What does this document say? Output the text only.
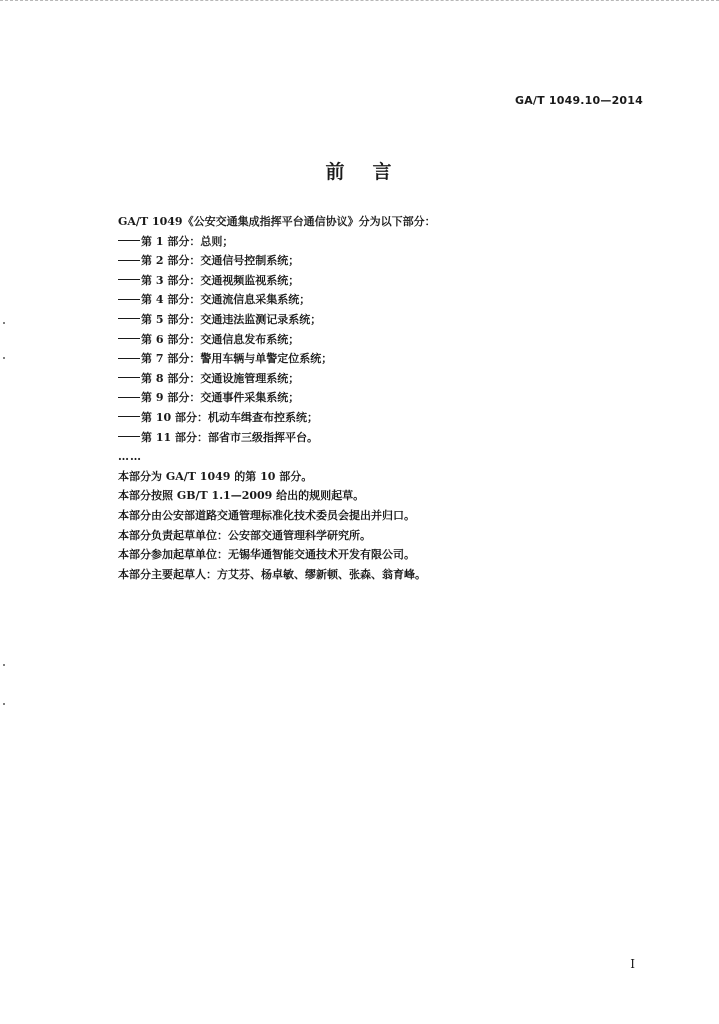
GA/T 1049.10—2014
前 言
GA/T 1049《公安交通集成指挥平台通信协议》分为以下部分：
第 1 部分：总则；
第 2 部分：交通信号控制系统；
第 3 部分：交通视频监视系统；
第 4 部分：交通流信息采集系统；
第 5 部分：交通违法监测记录系统；
第 6 部分：交通信息发布系统；
第 7 部分：警用车辆与单警定位系统；
第 8 部分：交通设施管理系统；
第 9 部分：交通事件采集系统；
第 10 部分：机动车缉查布控系统；
第 11 部分：部省市三级指挥平台。
……
本部分为 GA/T 1049 的第 10 部分。
本部分按照 GB/T 1.1—2009 给出的规则起草。
本部分由公安部道路交通管理标准化技术委员会提出并归口。
本部分负责起草单位：公安部交通管理科学研究所。
本部分参加起草单位：无锡华通智能交通技术开发有限公司。
本部分主要起草人：方艾芬、杨卓敏、缪新顿、张森、翁育峰。
I
